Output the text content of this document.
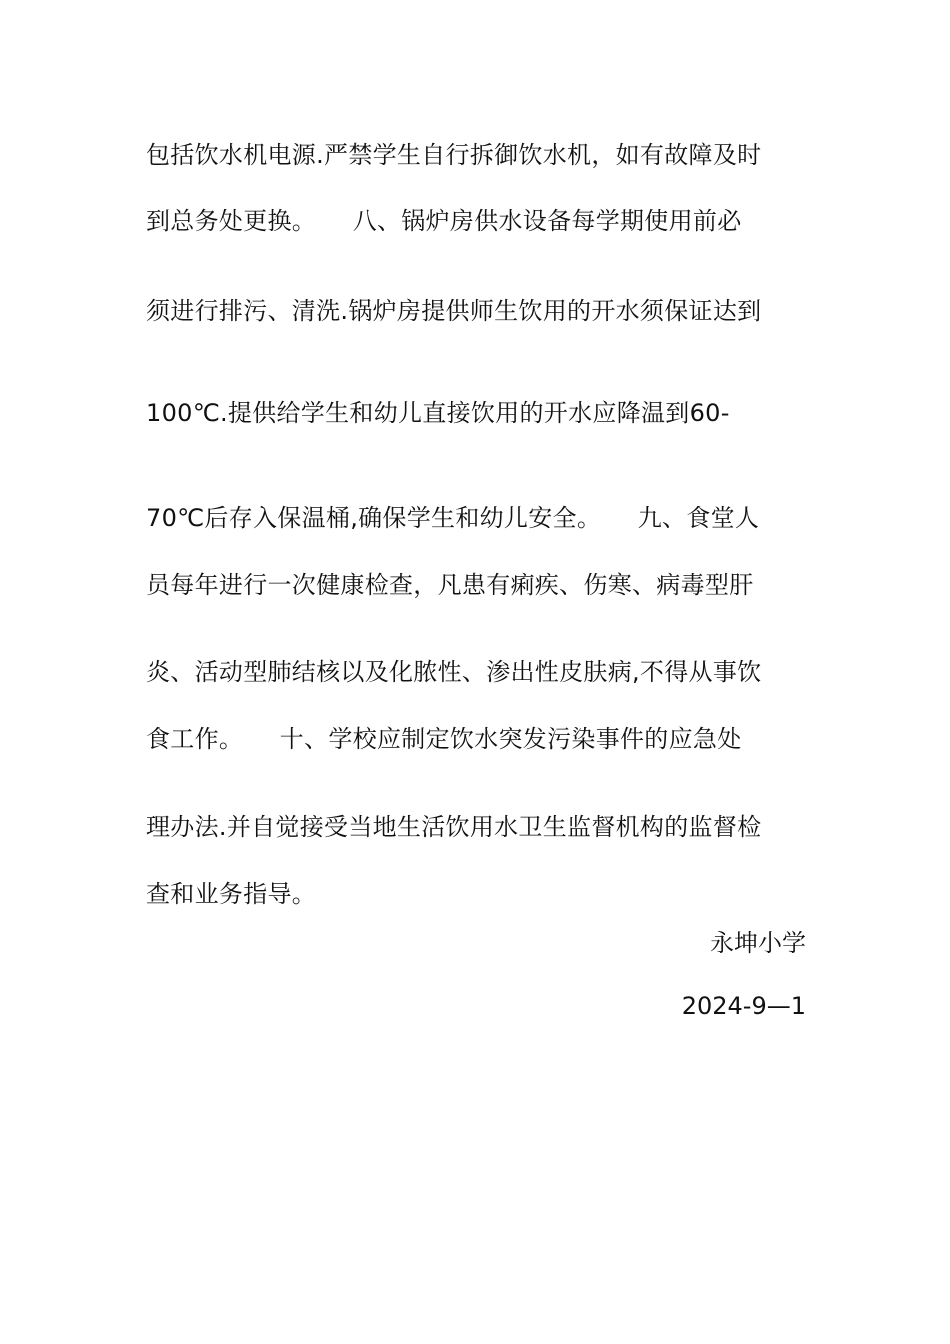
包括饮水机电源.严禁学生自行拆御饮水机，如有故障及时
到总务处更换。　　八、锅炉房供水设备每学期使用前必
须进行排污、清洗.锅炉房提供师生饮用的开水须保证达到
100℃.提供给学生和幼儿直接饮用的开水应降温到60-
70℃后存入保温桶,确保学生和幼儿安全。　　九、食堂人
员每年进行一次健康检查，凡患有痢疾、伤寒、病毒型肝
炎、活动型肺结核以及化脓性、渗出性皮肤病,不得从事饮
食工作。　　十、学校应制定饮水突发污染事件的应急处
理办法.并自觉接受当地生活饮用水卫生监督机构的监督检
查和业务指导。
永坤小学
2024-9—1
